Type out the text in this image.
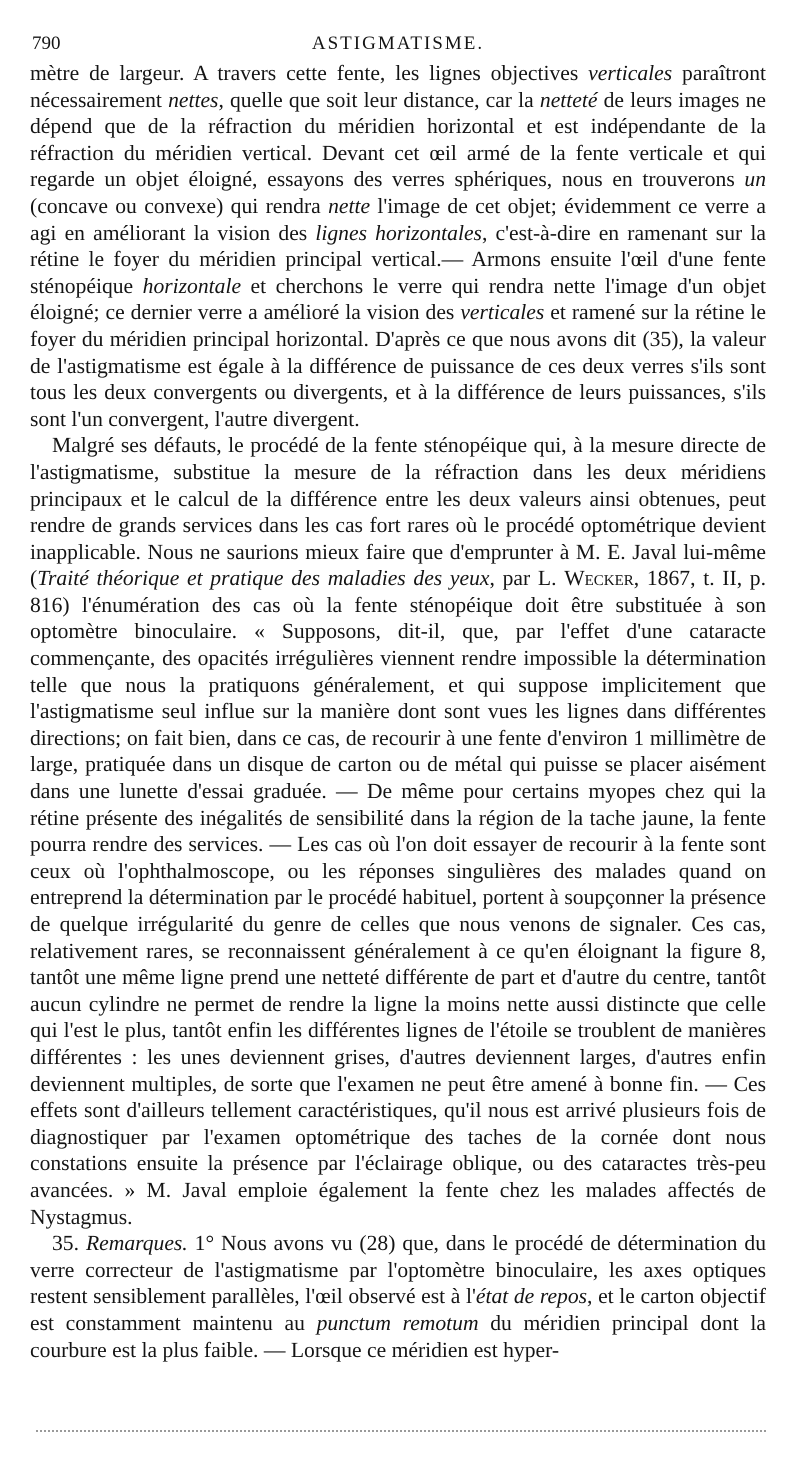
790	ASTIGMATISME.

mètre de largeur. A travers cette fente, les lignes objectives verticales paraîtront nécessairement nettes, quelle que soit leur distance, car la netteté de leurs images ne dépend que de la réfraction du méridien horizontal et est indépendante de la réfraction du méridien vertical. Devant cet œil armé de la fente verticale et qui regarde un objet éloigné, essayons des verres sphériques, nous en trouverons un (concave ou convexe) qui rendra nette l'image de cet objet; évidemment ce verre a agi en améliorant la vision des lignes horizontales, c'est-à-dire en ramenant sur la rétine le foyer du méridien principal vertical.— Armons ensuite l'œil d'une fente sténopéique horizontale et cherchons le verre qui rendra nette l'image d'un objet éloigné; ce dernier verre a amélioré la vision des verticales et ramené sur la rétine le foyer du méridien principal horizontal. D'après ce que nous avons dit (35), la valeur de l'astigmatisme est égale à la différence de puissance de ces deux verres s'ils sont tous les deux convergents ou divergents, et à la différence de leurs puissances, s'ils sont l'un convergent, l'autre divergent.

Malgré ses défauts, le procédé de la fente sténopéique qui, à la mesure directe de l'astigmatisme, substitue la mesure de la réfraction dans les deux méridiens principaux et le calcul de la différence entre les deux valeurs ainsi obtenues, peut rendre de grands services dans les cas fort rares où le procédé optométrique devient inapplicable. Nous ne saurions mieux faire que d'emprunter à M. E. Javal lui-même (Traité théorique et pratique des maladies des yeux, par L. Wecker, 1867, t. II, p. 816) l'énumération des cas où la fente sténopéique doit être substituée à son optomètre binoculaire. « Supposons, dit-il, que, par l'effet d'une cataracte commençante, des opacités irrégulières viennent rendre impossible la détermination telle que nous la pratiquons généralement, et qui suppose implicitement que l'astigmatisme seul influe sur la manière dont sont vues les lignes dans différentes directions; on fait bien, dans ce cas, de recourir à une fente d'environ 1 millimètre de large, pratiquée dans un disque de carton ou de métal qui puisse se placer aisément dans une lunette d'essai graduée. — De même pour certains myopes chez qui la rétine présente des inégalités de sensibilité dans la région de la tache jaune, la fente pourra rendre des services. — Les cas où l'on doit essayer de recourir à la fente sont ceux où l'ophthalmoscope, ou les réponses singulières des malades quand on entreprend la détermination par le procédé habituel, portent à soupçonner la présence de quelque irrégularité du genre de celles que nous venons de signaler. Ces cas, relativement rares, se reconnaissent généralement à ce qu'en éloignant la figure 8, tantôt une même ligne prend une netteté différente de part et d'autre du centre, tantôt aucun cylindre ne permet de rendre la ligne la moins nette aussi distincte que celle qui l'est le plus, tantôt enfin les différentes lignes de l'étoile se troublent de manières différentes : les unes deviennent grises, d'autres deviennent larges, d'autres enfin deviennent multiples, de sorte que l'examen ne peut être amené à bonne fin. — Ces effets sont d'ailleurs tellement caractéristiques, qu'il nous est arrivé plusieurs fois de diagnostiquer par l'examen optométrique des taches de la cornée dont nous constations ensuite la présence par l'éclairage oblique, ou des cataractes très-peu avancées. » M. Javal emploie également la fente chez les malades affectés de Nystagmus.

35. Remarques. 1° Nous avons vu (28) que, dans le procédé de détermination du verre correcteur de l'astigmatisme par l'optomètre binoculaire, les axes optiques restent sensiblement parallèles, l'œil observé est à l'état de repos, et le carton objectif est constamment maintenu au punctum remotum du méridien principal dont la courbure est la plus faible. — Lorsque ce méridien est hyper-
